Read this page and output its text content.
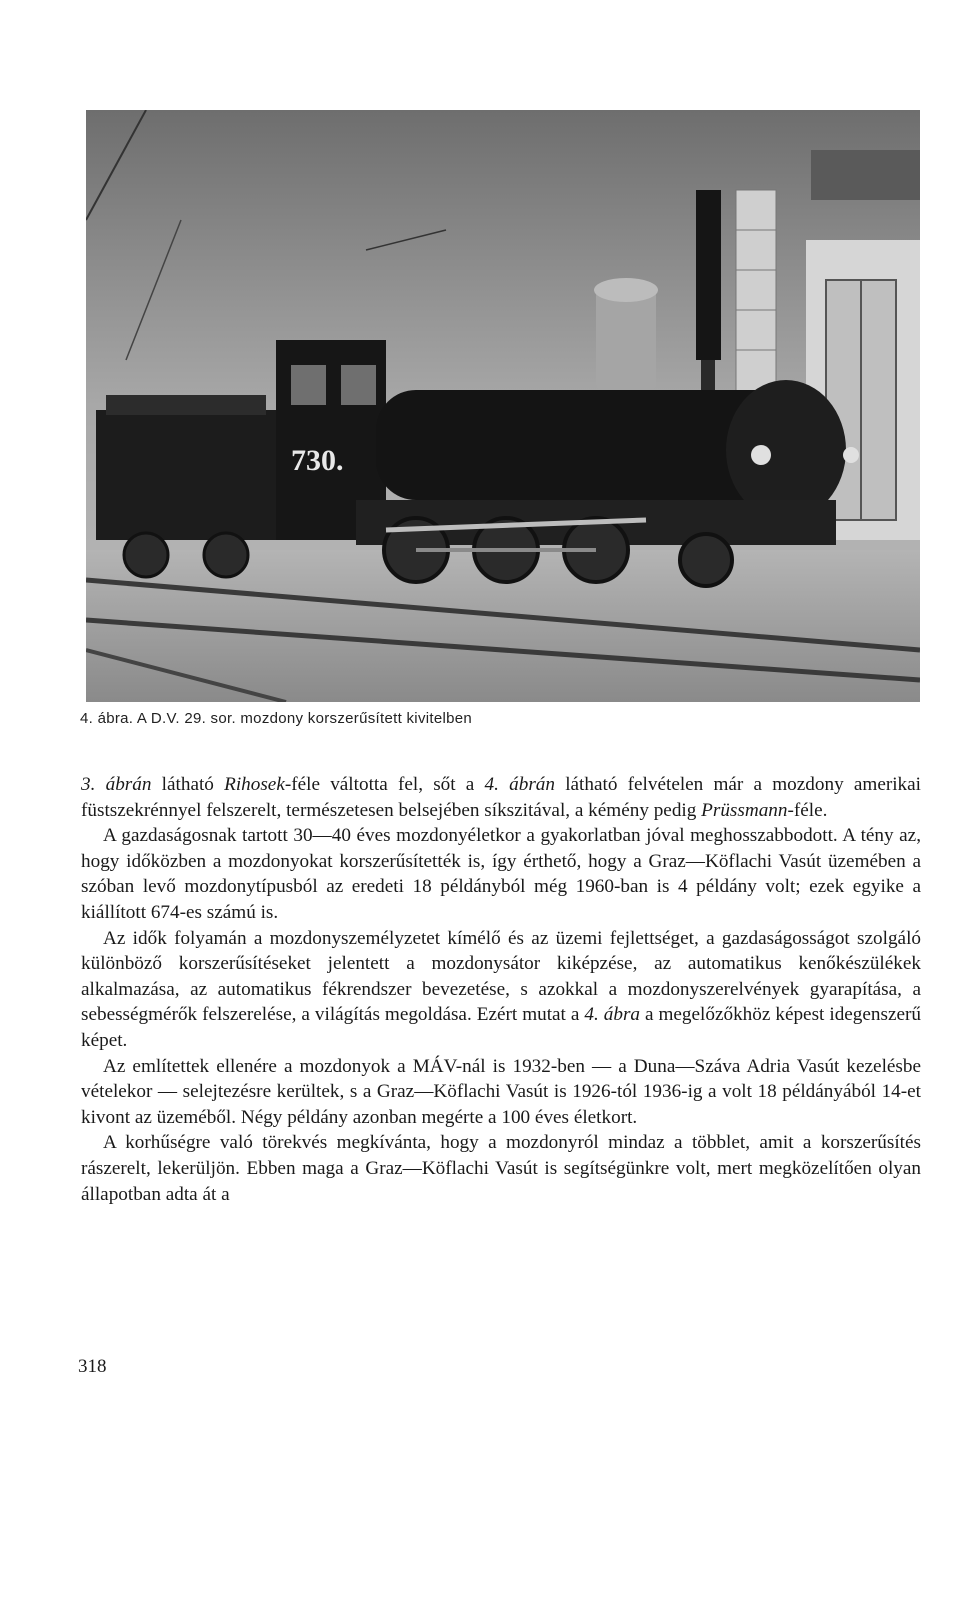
730.
4. ábra. A D.V. 29. sor. mozdony korszerűsített kivitelben

3. ábrán látható Rihosek-féle váltotta fel, sőt a 4. ábrán látható felvételen már a mozdony amerikai füstszekrénnyel felszerelt, természetesen belsejében síkszitával, a kémény pedig Prüssmann-féle.

A gazdaságosnak tartott 30—40 éves mozdonyéletkor a gyakorlatban jóval meghosszabbodott. A tény az, hogy időközben a mozdonyokat korszerűsítették is, így érthető, hogy a Graz—Köflachi Vasút üzemében a szóban levő mozdonytípusból az eredeti 18 példányból még 1960-ban is 4 példány volt; ezek egyike a kiállított 674-es számú is.

Az idők folyamán a mozdonyszemélyzetet kímélő és az üzemi fejlettséget, a gazdaságosságot szolgáló különböző korszerűsítéseket jelentett a mozdonysátor kiképzése, az automatikus kenőkészülékek alkalmazása, az automatikus fékrendszer bevezetése, s azokkal a mozdonyszerelvények gyarapítása, a sebességmérők felszerelése, a világítás megoldása. Ezért mutat a 4. ábra a megelőzőkhöz képest idegenszerű képet.

Az említettek ellenére a mozdonyok a MÁV-nál is 1932-ben — a Duna—Száva Adria Vasút kezelésbe vételekor — selejtezésre kerültek, s a Graz—Köflachi Vasút is 1926-tól 1936-ig a volt 18 példányából 14-et kivont az üzeméből. Négy példány azonban megérte a 100 éves életkort.

A korhűségre való törekvés megkívánta, hogy a mozdonyról mindaz a többlet, amit a korszerűsítés rászerelt, lekerüljön. Ebben maga a Graz—Köflachi Vasút is segítségünkre volt, mert megközelítően olyan állapotban adta át a

318
